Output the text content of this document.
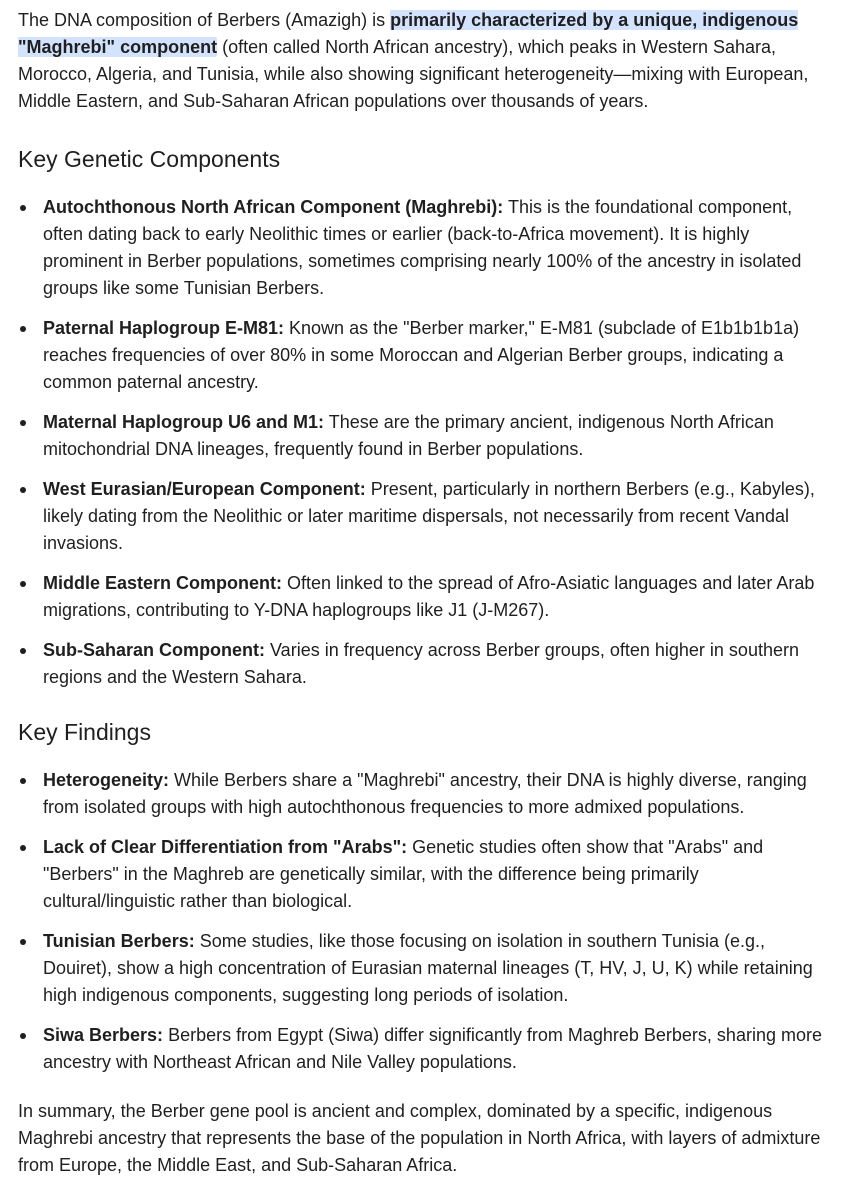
The DNA composition of Berbers (Amazigh) is primarily characterized by a unique, indigenous "Maghrebi" component (often called North African ancestry), which peaks in Western Sahara, Morocco, Algeria, and Tunisia, while also showing significant heterogeneity—mixing with European, Middle Eastern, and Sub-Saharan African populations over thousands of years.

Key Genetic Components
Autochthonous North African Component (Maghrebi): This is the foundational component, often dating back to early Neolithic times or earlier (back-to-Africa movement). It is highly prominent in Berber populations, sometimes comprising nearly 100% of the ancestry in isolated groups like some Tunisian Berbers.
Paternal Haplogroup E-M81: Known as the "Berber marker," E-M81 (subclade of E1b1b1b1a) reaches frequencies of over 80% in some Moroccan and Algerian Berber groups, indicating a common paternal ancestry.
Maternal Haplogroup U6 and M1: These are the primary ancient, indigenous North African mitochondrial DNA lineages, frequently found in Berber populations.
West Eurasian/European Component: Present, particularly in northern Berbers (e.g., Kabyles), likely dating from the Neolithic or later maritime dispersals, not necessarily from recent Vandal invasions.
Middle Eastern Component: Often linked to the spread of Afro-Asiatic languages and later Arab migrations, contributing to Y-DNA haplogroups like J1 (J-M267).
Sub-Saharan Component: Varies in frequency across Berber groups, often higher in southern regions and the Western Sahara.
Key Findings
Heterogeneity: While Berbers share a "Maghrebi" ancestry, their DNA is highly diverse, ranging from isolated groups with high autochthonous frequencies to more admixed populations.
Lack of Clear Differentiation from "Arabs": Genetic studies often show that "Arabs" and "Berbers" in the Maghreb are genetically similar, with the difference being primarily cultural/linguistic rather than biological.
Tunisian Berbers: Some studies, like those focusing on isolation in southern Tunisia (e.g., Douiret), show a high concentration of Eurasian maternal lineages (T, HV, J, U, K) while retaining high indigenous components, suggesting long periods of isolation.
Siwa Berbers: Berbers from Egypt (Siwa) differ significantly from Maghreb Berbers, sharing more ancestry with Northeast African and Nile Valley populations.

In summary, the Berber gene pool is ancient and complex, dominated by a specific, indigenous Maghrebi ancestry that represents the base of the population in North Africa, with layers of admixture from Europe, the Middle East, and Sub-Saharan Africa.
